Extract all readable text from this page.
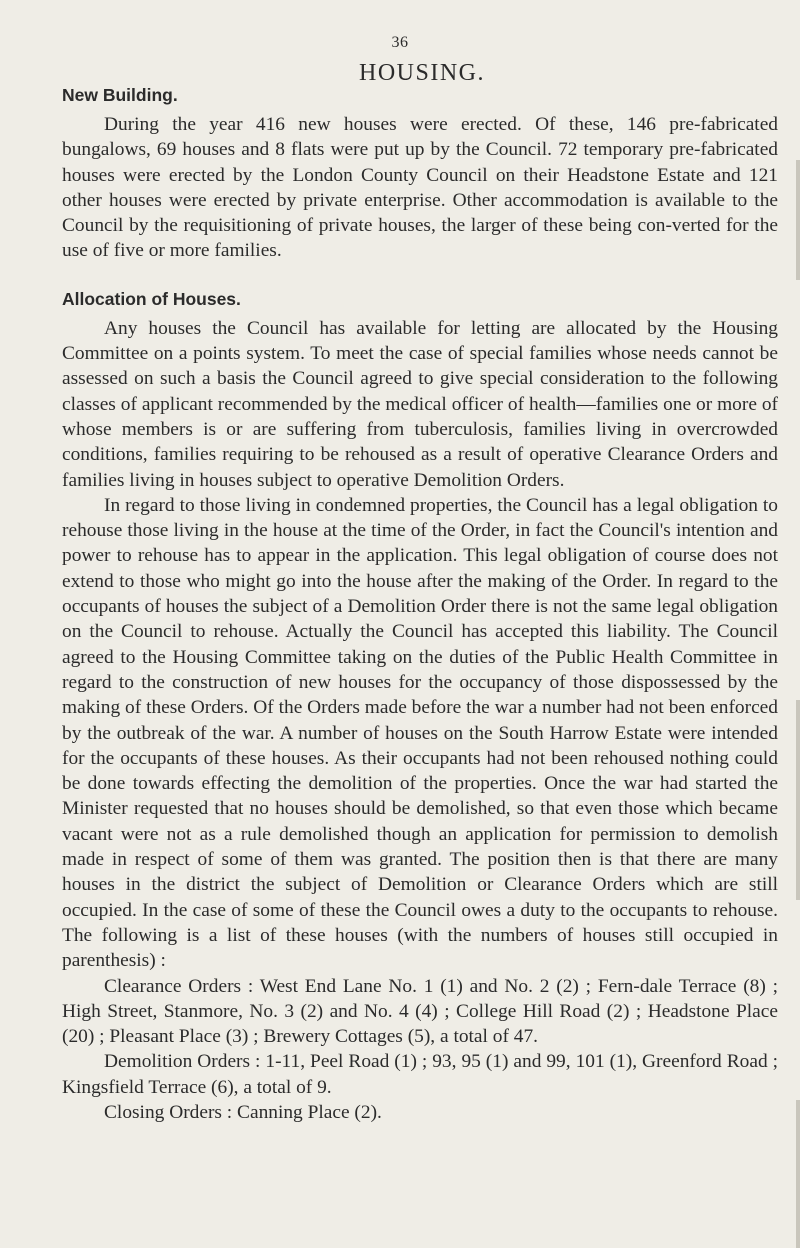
36
HOUSING.
New Building.

During the year 416 new houses were erected. Of these, 146 pre-fabricated bungalows, 69 houses and 8 flats were put up by the Council. 72 temporary pre-fabricated houses were erected by the London County Council on their Headstone Estate and 121 other houses were erected by private enterprise. Other accommodation is available to the Council by the requisitioning of private houses, the larger of these being con-verted for the use of five or more families.

Allocation of Houses.

Any houses the Council has available for letting are allocated by the Housing Committee on a points system. To meet the case of special families whose needs cannot be assessed on such a basis the Council agreed to give special consideration to the following classes of applicant recommended by the medical officer of health—families one or more of whose members is or are suffering from tuberculosis, families living in overcrowded conditions, families requiring to be rehoused as a result of operative Clearance Orders and families living in houses subject to operative Demolition Orders.

In regard to those living in condemned properties, the Council has a legal obligation to rehouse those living in the house at the time of the Order, in fact the Council's intention and power to rehouse has to appear in the application. This legal obligation of course does not extend to those who might go into the house after the making of the Order. In regard to the occupants of houses the subject of a Demolition Order there is not the same legal obligation on the Council to rehouse. Actually the Council has accepted this liability. The Council agreed to the Housing Committee taking on the duties of the Public Health Committee in regard to the construction of new houses for the occupancy of those dispossessed by the making of these Orders. Of the Orders made before the war a number had not been enforced by the outbreak of the war. A number of houses on the South Harrow Estate were intended for the occupants of these houses. As their occupants had not been rehoused nothing could be done towards effecting the demolition of the properties. Once the war had started the Minister requested that no houses should be demolished, so that even those which became vacant were not as a rule demolished though an application for permission to demolish made in respect of some of them was granted. The position then is that there are many houses in the district the subject of Demolition or Clearance Orders which are still occupied. In the case of some of these the Council owes a duty to the occupants to rehouse. The following is a list of these houses (with the numbers of houses still occupied in parenthesis) :

Clearance Orders : West End Lane No. 1 (1) and No. 2 (2) ; Fern-dale Terrace (8) ; High Street, Stanmore, No. 3 (2) and No. 4 (4) ; College Hill Road (2) ; Headstone Place (20) ; Pleasant Place (3) ; Brewery Cottages (5), a total of 47.

Demolition Orders : 1-11, Peel Road (1) ; 93, 95 (1) and 99, 101 (1), Greenford Road ; Kingsfield Terrace (6), a total of 9.

Closing Orders : Canning Place (2).
